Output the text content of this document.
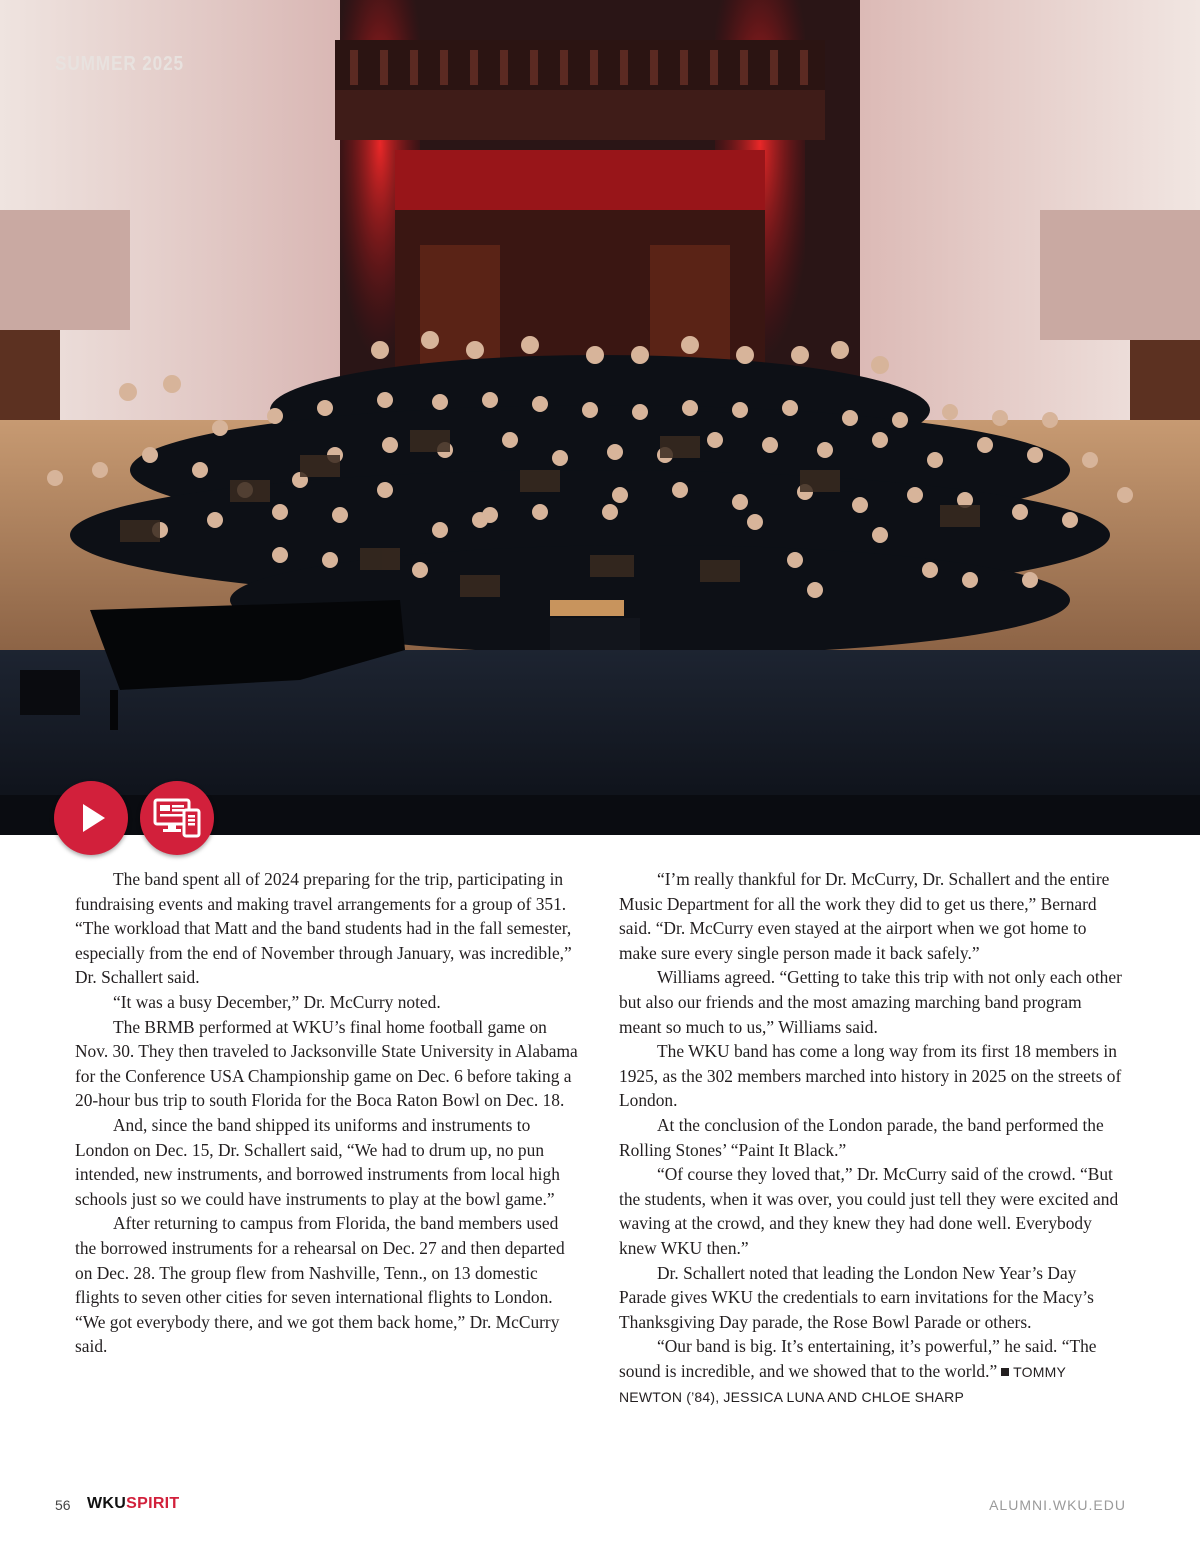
SUMMER 2025

The band spent all of 2024 preparing for the trip, participating in fundraising events and making travel arrangements for a group of 351. “The workload that Matt and the band students had in the fall semester, especially from the end of November through January, was incredible,” Dr. Schallert said.

“It was a busy December,” Dr. McCurry noted.

The BRMB performed at WKU’s final home football game on Nov. 30. They then traveled to Jacksonville State University in Alabama for the Conference USA Championship game on Dec. 6 before taking a 20-hour bus trip to south Florida for the Boca Raton Bowl on Dec. 18.

And, since the band shipped its uniforms and instruments to London on Dec. 15, Dr. Schallert said, “We had to drum up, no pun intended, new instruments, and borrowed instruments from local high schools just so we could have instruments to play at the bowl game.”

After returning to campus from Florida, the band members used the borrowed instruments for a rehearsal on Dec. 27 and then departed on Dec. 28. The group flew from Nashville, Tenn., on 13 domestic flights to seven other cities for seven international flights to London. “We got everybody there, and we got them back home,” Dr. McCurry said.

“I’m really thankful for Dr. McCurry, Dr. Schallert and the entire Music Department for all the work they did to get us there,” Bernard said. “Dr. McCurry even stayed at the airport when we got home to make sure every single person made it back safely.”

Williams agreed. “Getting to take this trip with not only each other but also our friends and the most amazing marching band program meant so much to us,” Williams said.

The WKU band has come a long way from its first 18 members in 1925, as the 302 members marched into history in 2025 on the streets of London.

At the conclusion of the London parade, the band performed the Rolling Stones’ “Paint It Black.”

“Of course they loved that,” Dr. McCurry said of the crowd. “But the students, when it was over, you could just tell they were excited and waving at the crowd, and they knew they had done well. Everybody knew WKU then.”

Dr. Schallert noted that leading the London New Year’s Day Parade gives WKU the credentials to earn invitations for the Macy’s Thanksgiving Day parade, the Rose Bowl Parade or others.

“Our band is big. It’s entertaining, it’s powerful,” he said. “The sound is incredible, and we showed that to the world.” TOMMY NEWTON (’84), JESSICA LUNA AND CHLOE SHARP

56 WKUSPIRIT	ALUMNI.WKU.EDU
